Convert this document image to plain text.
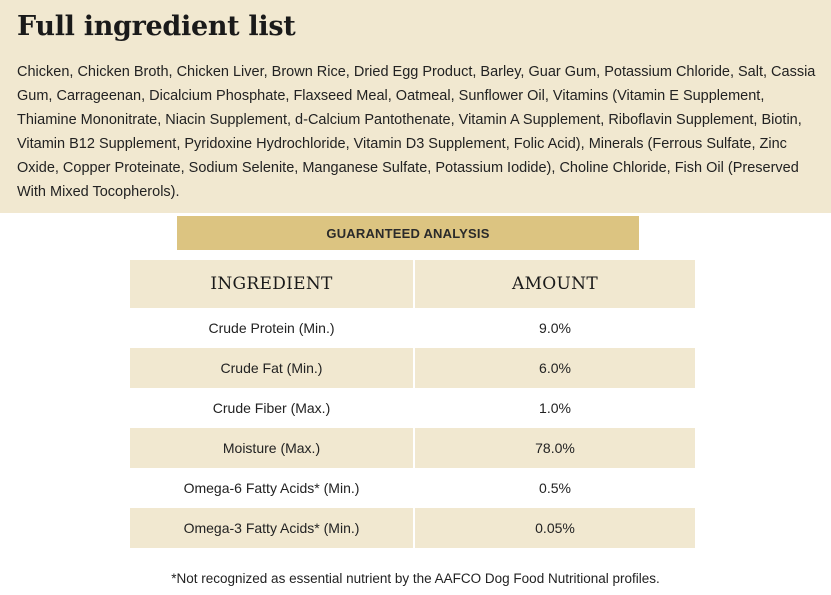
Full ingredient list

Chicken, Chicken Broth, Chicken Liver, Brown Rice, Dried Egg Product, Barley, Guar Gum, Potassium Chloride, Salt, Cassia Gum, Carrageenan, Dicalcium Phosphate, Flaxseed Meal, Oatmeal, Sunflower Oil, Vitamins (Vitamin E Supplement, Thiamine Mononitrate, Niacin Supplement, d-Calcium Pantothenate, Vitamin A Supplement, Riboflavin Supplement, Biotin, Vitamin B12 Supplement, Pyridoxine Hydrochloride, Vitamin D3 Supplement, Folic Acid), Minerals (Ferrous Sulfate, Zinc Oxide, Copper Proteinate, Sodium Selenite, Manganese Sulfate, Potassium Iodide), Choline Chloride, Fish Oil (Preserved With Mixed Tocopherols).

GUARANTEED ANALYSIS
INGREDIENT	AMOUNT
Crude Protein (Min.)	9.0%
Crude Fat (Min.)	6.0%
Crude Fiber (Max.)	1.0%
Moisture (Max.)	78.0%
Omega-6 Fatty Acids* (Min.)	0.5%
Omega-3 Fatty Acids* (Min.)	0.05%

*Not recognized as essential nutrient by the AAFCO Dog Food Nutritional profiles.
